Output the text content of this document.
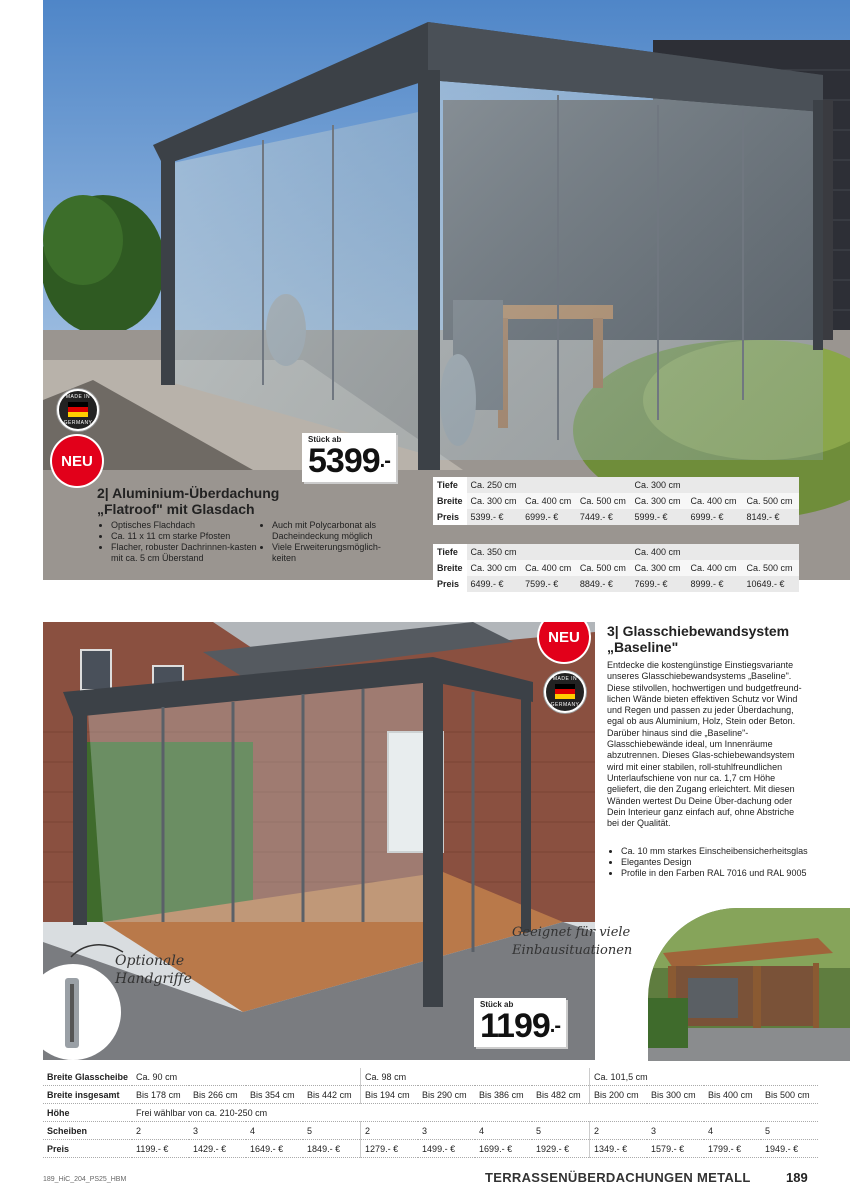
MADE IN
GERMANY
NEU
Stück ab
5399.-
2| Aluminium-Überdachung
„Flatroof" mit Glasdach
• Optisches Flachdach
• Ca. 11 x 11 cm starke Pfosten
• Flacher, robuster Dachrinnen-kasten mit ca. 5 cm Überstand
• Auch mit Polycarbonat als Dacheindeckung möglich
• Viele Erweiterungsmöglich-keiten
Tiefe	Ca. 250 cm			Ca. 300 cm		
Breite	Ca. 300 cm	Ca. 400 cm	Ca. 500 cm	Ca. 300 cm	Ca. 400 cm	Ca. 500 cm
Preis	5399.- €	6999.- €	7449.- €	5999.- €	6999.- €	8149.- €
Tiefe	Ca. 350 cm			Ca. 400 cm		
Breite	Ca. 300 cm	Ca. 400 cm	Ca. 500 cm	Ca. 300 cm	Ca. 400 cm	Ca. 500 cm
Preis	6499.- €	7599.- €	8849.- €	7699.- €	8999.- €	10649.- €
Optionale Handgriffe
NEU
MADE IN
GERMANY
Stück ab
1199.-
3| Glasschiebewandsystem
„Baseline"
Entdecke die kostengünstige Einstiegsvariante unseres Glasschiebewandsystems „Baseline". Diese stilvollen, hochwertigen und budgetfreund-lichen Wände bieten effektiven Schutz vor Wind und Regen und passen zu jeder Überdachung, egal ob aus Aluminium, Holz, Stein oder Beton. Darüber hinaus sind die „Baseline"-Glasschiebewände ideal, um Innenräume abzutrennen. Dieses Glas-schiebewandsystem wird mit einer stabilen, roll-stuhlfreundlichen Unterlaufschiene von nur ca. 1,7 cm Höhe geliefert, die den Zugang erleichtert. Mit diesen Wänden wertest Du Deine Über-dachung oder Dein Interieur ganz einfach auf, ohne Abstriche bei der Qualität.
• Ca. 10 mm starkes Einscheibensicherheitsglas
• Elegantes Design
• Profile in den Farben RAL 7016 und RAL 9005
Geeignet für viele Einbausituationen
Breite Glasscheibe	Ca. 90 cm				Ca. 98 cm				Ca. 101,5 cm			
Breite insgesamt	Bis 178 cm	Bis 266 cm	Bis 354 cm	Bis 442 cm	Bis 194 cm	Bis 290 cm	Bis 386 cm	Bis 482 cm	Bis 200 cm	Bis 300 cm	Bis 400 cm	Bis 500 cm
Höhe	Frei wählbar von ca. 210-250 cm											
Scheiben	2	3	4	5	2	3	4	5	2	3	4	5
Preis	1199.- €	1429.- €	1649.- €	1849.- €	1279.- €	1499.- €	1699.- €	1929.- €	1349.- €	1579.- €	1799.- €	1949.- €
189_HiC_204_PS25_HBM	TERRASSENÜBERDACHUNGEN METALL	189
